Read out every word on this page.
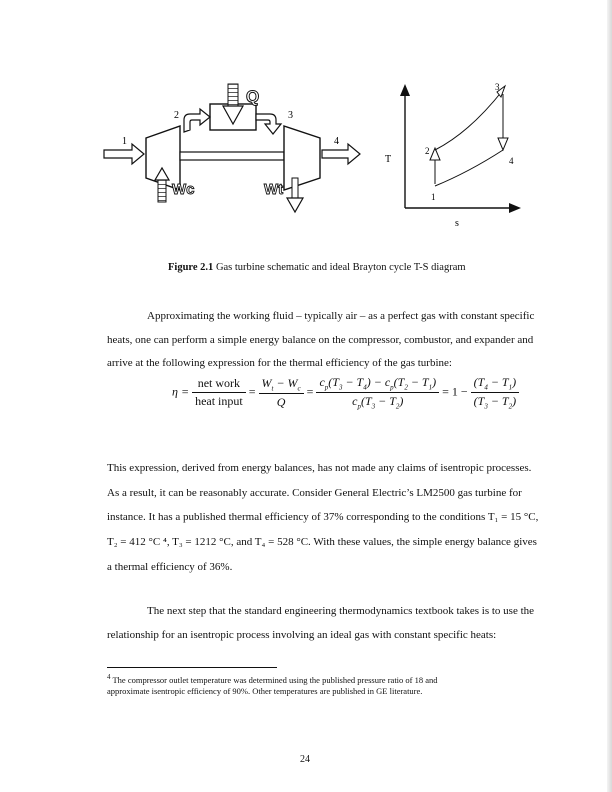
1
2	3
4
Q
Wc	Wt
T
s
1
2
3
4
Figure 2.1 Gas turbine schematic and ideal Brayton cycle T-S diagram
Approximating the working fluid – typically air – as a perfect gas with constant specific
heats, one can perform a simple energy balance on the compressor, combustor, and expander and
arrive at the following expression for the thermal efficiency of the gas turbine:
$\eta = \frac{\text{net work}}{\text{heat input}} = \frac{W_t - W_c}{Q} = \frac{c_p(T_3 - T_4) - c_p(T_2 - T_1)}{c_p(T_3 - T_2)} = 1 - \frac{(T_4 - T_1)}{(T_3 - T_2)}$
This expression, derived from energy balances, has not made any claims of isentropic processes.
As a result, it can be reasonably accurate. Consider General Electric’s LM2500 gas turbine for
instance. It has a published thermal efficiency of 37% corresponding to the conditions T₁ = 15 °C,
T₂ = 412 °C ⁴, T₃ = 1212 °C, and T₄ = 528 °C. With these values, the simple energy balance gives
a thermal efficiency of 36%.
The next step that the standard engineering thermodynamics textbook takes is to use the
relationship for an isentropic process involving an ideal gas with constant specific heats:
$^4$ The compressor outlet temperature was determined using the published pressure ratio of 18 and
approximate isentropic efficiency of 90%. Other temperatures are published in GE literature.
24
